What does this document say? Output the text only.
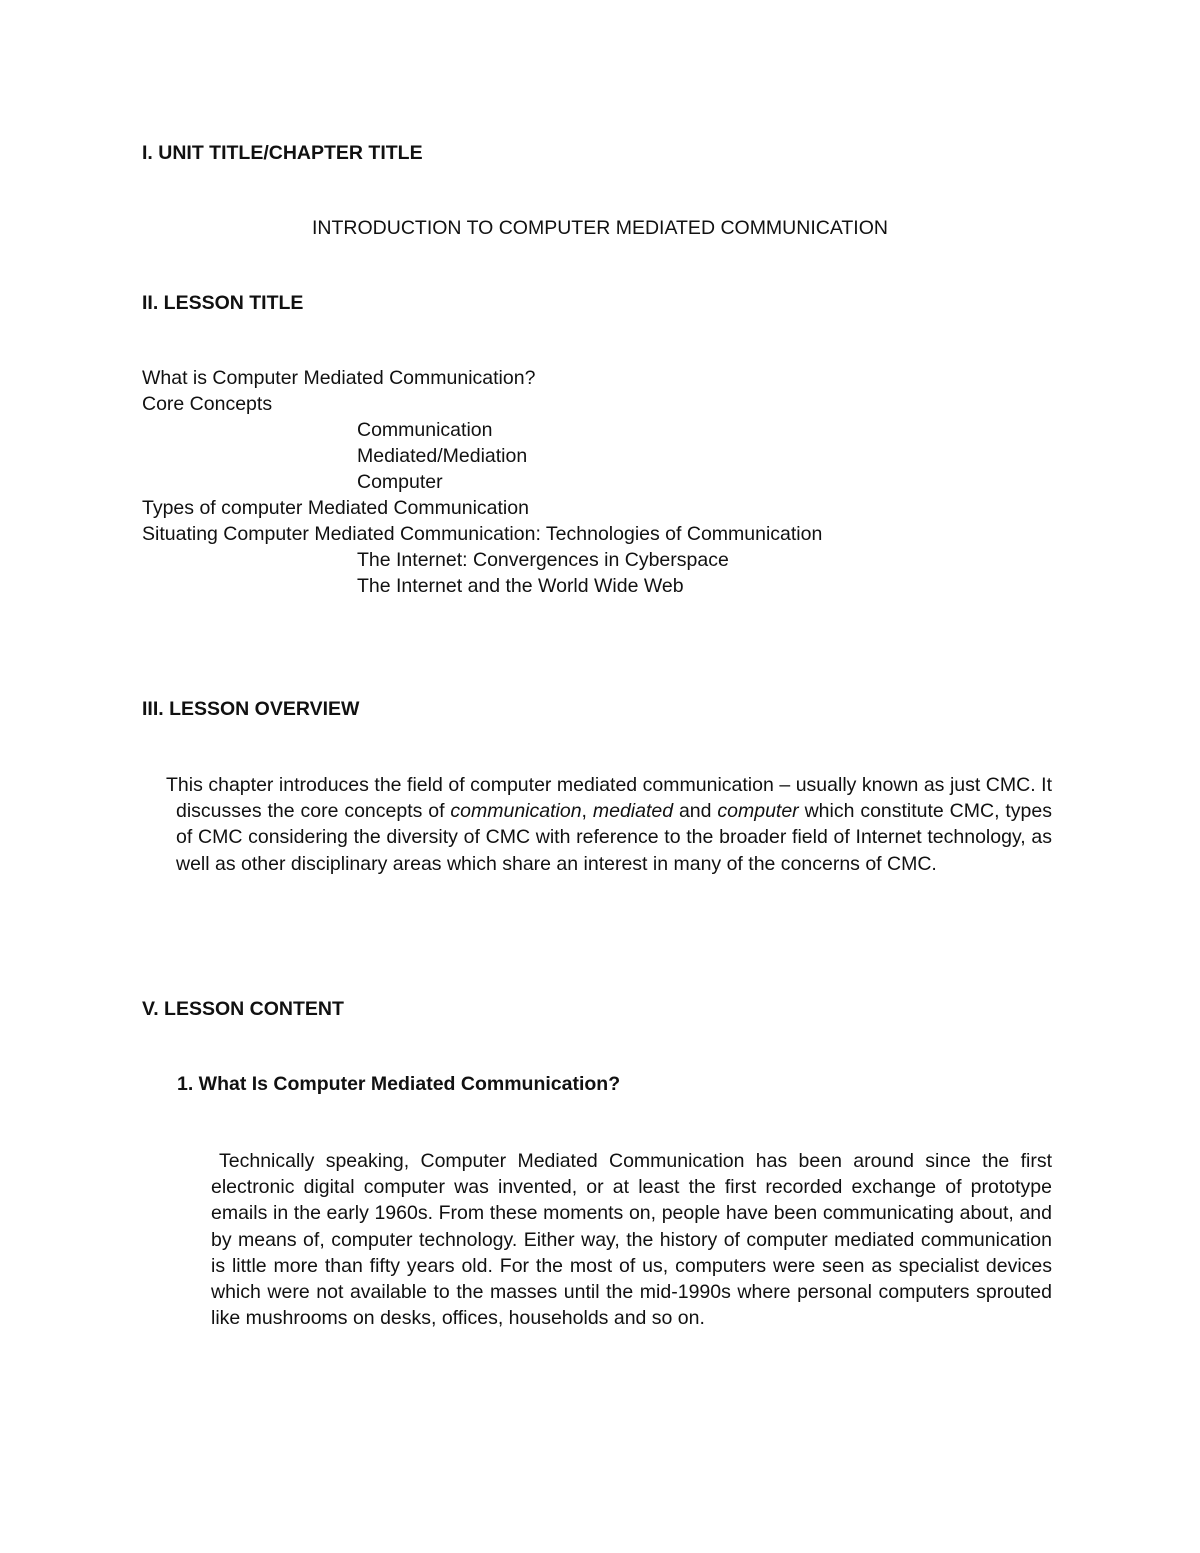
I. UNIT TITLE/CHAPTER TITLE
INTRODUCTION TO COMPUTER MEDIATED COMMUNICATION
II. LESSON TITLE
What is Computer Mediated Communication?
Core Concepts
Communication
Mediated/Mediation
Computer
Types of computer Mediated Communication
Situating Computer Mediated Communication: Technologies of Communication
The Internet: Convergences in Cyberspace
The Internet and the World Wide Web
III. LESSON OVERVIEW

This chapter introduces the field of computer mediated communication – usually known as just CMC. It discusses the core concepts of communication, mediated and computer which constitute CMC, types of CMC considering the diversity of CMC with reference to the broader field of Internet technology, as well as other disciplinary areas which share an interest in many of the concerns of CMC.

V. LESSON CONTENT
1. What Is Computer Mediated Communication?

Technically speaking, Computer Mediated Communication has been around since the first electronic digital computer was invented, or at least the first recorded exchange of prototype emails in the early 1960s. From these moments on, people have been communicating about, and by means of, computer technology. Either way, the history of computer mediated communication is little more than fifty years old. For the most of us, computers were seen as specialist devices which were not available to the masses until the mid-1990s where personal computers sprouted like mushrooms on desks, offices, households and so on.
